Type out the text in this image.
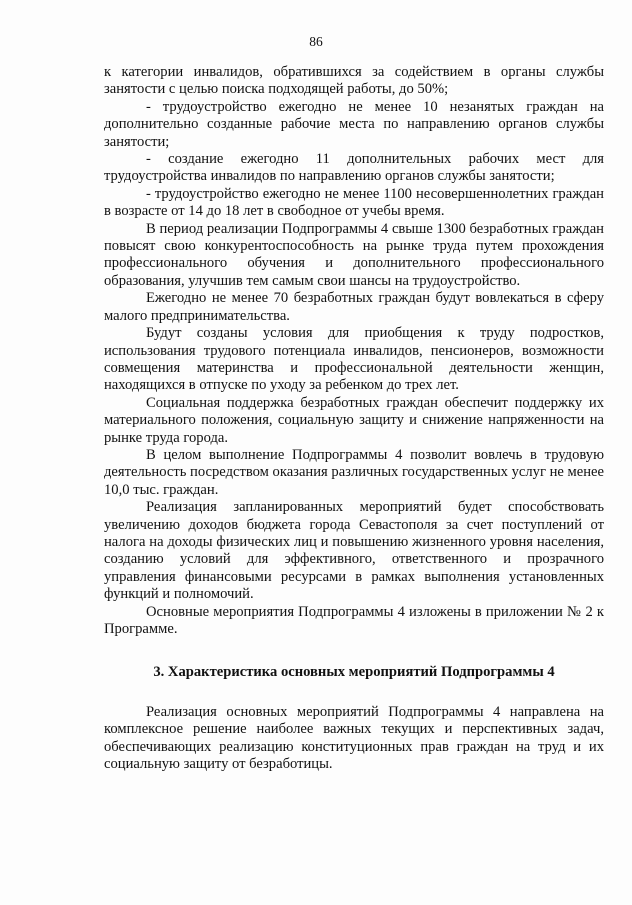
86

к категории инвалидов, обратившихся за содействием в органы службы занятости с целью поиска подходящей работы, до 50%;

- трудоустройство ежегодно не менее 10 незанятых граждан на дополнительно созданные рабочие места по направлению органов службы занятости;

- создание ежегодно 11 дополнительных рабочих мест для трудоустройства инвалидов по направлению органов службы занятости;

- трудоустройство ежегодно не менее 1100 несовершеннолетних граждан в возрасте от 14 до 18 лет в свободное от учебы время.

В период реализации Подпрограммы 4 свыше 1300 безработных граждан повысят свою конкурентоспособность на рынке труда путем прохождения профессионального обучения и дополнительного профессионального образования, улучшив тем самым свои шансы на трудоустройство.

Ежегодно не менее 70 безработных граждан будут вовлекаться в сферу малого предпринимательства.

Будут созданы условия для приобщения к труду подростков, использования трудового потенциала инвалидов, пенсионеров, возможности совмещения материнства и профессиональной деятельности женщин, находящихся в отпуске по уходу за ребенком до трех лет.

Социальная поддержка безработных граждан обеспечит поддержку их материального положения, социальную защиту и снижение напряженности на рынке труда города.

В целом выполнение Подпрограммы 4 позволит вовлечь в трудовую деятельность посредством оказания различных государственных услуг не менее 10,0 тыс. граждан.

Реализация запланированных мероприятий будет способствовать увеличению доходов бюджета города Севастополя за счет поступлений от налога на доходы физических лиц и повышению жизненного уровня населения, созданию условий для эффективного, ответственного и прозрачного управления финансовыми ресурсами в рамках выполнения установленных функций и полномочий.

Основные мероприятия Подпрограммы 4 изложены в приложении № 2 к Программе.

3. Характеристика основных мероприятий Подпрограммы 4

Реализация основных мероприятий Подпрограммы 4 направлена на комплексное решение наиболее важных текущих и перспективных задач, обеспечивающих реализацию конституционных прав граждан на труд и их социальную защиту от безработицы.
